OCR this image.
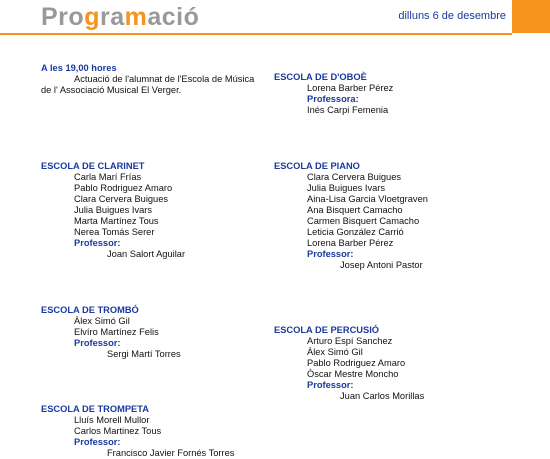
Programació	dilluns 6 de desembre
A les 19,00 hores
Actuació de l'alumnat de l'Escola de Música
de l' Associació Musical El Verger.
ESCOLA DE D'OBOÈ
Lorena Barber Pérez
Professora:
Inés Carpi Femenia
ESCOLA DE CLARINET
Carla Marí Frías
Pablo Rodriguez Amaro
Clara Cervera Buigues
Julia Buigues Ivars
Marta Martínez Tous
Nerea Tomás Serer
Professor:
Joan Salort Aguilar
ESCOLA DE PIANO
Clara Cervera Buigues
Julia Buigues Ivars
Aina-Lisa Garcia Vloetgraven
Ana Bisquert Camacho
Carmen Bisquert Camacho
Leticia González Carrió
Lorena Barber Pérez
Professor:
Josep Antoni Pastor
ESCOLA DE TROMBÓ
Àlex Simó Gil
Elvíro Martínez Felis
Professor:
Sergi Martí Torres
ESCOLA DE PERCUSIÓ
Arturo Espí Sanchez
Àlex Simó Gil
Pablo Rodriguez Amaro
Òscar Mestre Moncho
Professor:
Juan Carlos Morillas
ESCOLA DE TROMPETA
Lluís Morell Mullor
Carlos Martinez Tous
Professor:
Francisco Javier Fornés Torres
